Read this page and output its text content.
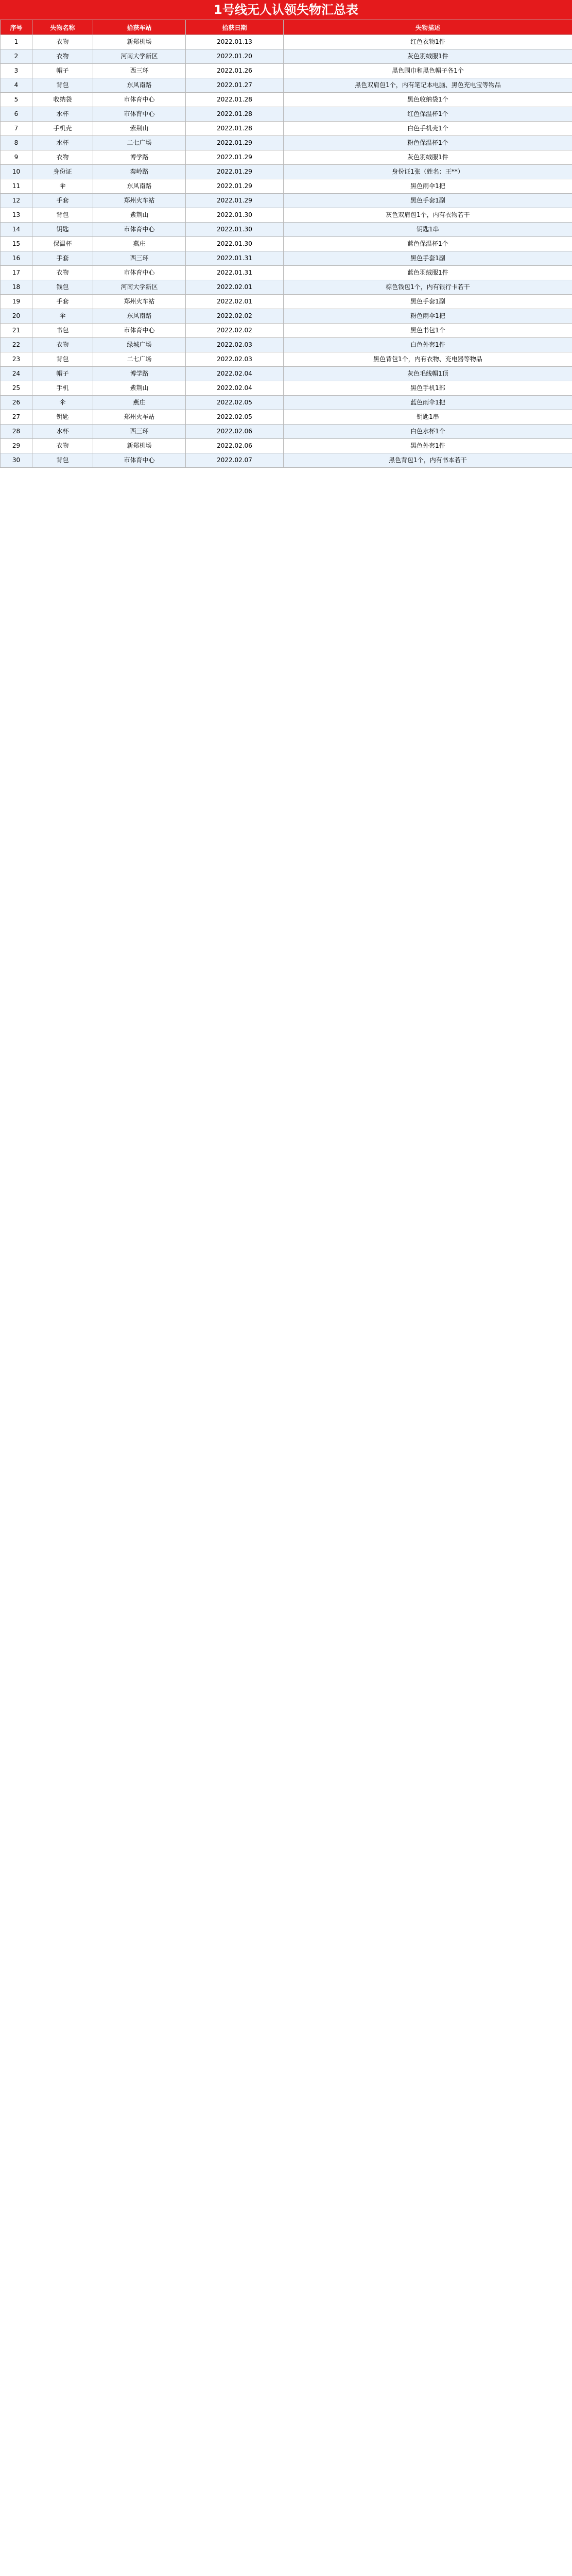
1号线无人认领失物汇总表
序号	失物名称	拾获车站	拾获日期	失物描述
1	衣物	新郑机场	2022.01.13	红色衣物1件
2	衣物	河南大学新区	2022.01.20	灰色羽绒服1件
3	帽子	西三环	2022.01.26	黑色围巾和黑色帽子各1个
4	背包	东风南路	2022.01.27	黑色双肩包1个，内有笔记本电脑、黑色充电宝等物品
5	收纳袋	市体育中心	2022.01.28	黑色收纳袋1个
6	水杯	市体育中心	2022.01.28	红色保温杯1个
7	手机壳	紫荆山	2022.01.28	白色手机壳1个
8	水杯	二七广场	2022.01.29	粉色保温杯1个
9	衣物	博学路	2022.01.29	灰色羽绒服1件
10	身份证	秦岭路	2022.01.29	身份证1张（姓名：王**）
11	伞	东风南路	2022.01.29	黑色雨伞1把
12	手套	郑州火车站	2022.01.29	黑色手套1副
13	背包	紫荆山	2022.01.30	灰色双肩包1个，内有衣物若干
14	钥匙	市体育中心	2022.01.30	钥匙1串
15	保温杯	燕庄	2022.01.30	蓝色保温杯1个
16	手套	西三环	2022.01.31	黑色手套1副
17	衣物	市体育中心	2022.01.31	蓝色羽绒服1件
18	钱包	河南大学新区	2022.02.01	棕色钱包1个，内有银行卡若干
19	手套	郑州火车站	2022.02.01	黑色手套1副
20	伞	东风南路	2022.02.02	粉色雨伞1把
21	书包	市体育中心	2022.02.02	黑色书包1个
22	衣物	绿城广场	2022.02.03	白色外套1件
23	背包	二七广场	2022.02.03	黑色背包1个，内有衣物、充电器等物品
24	帽子	博学路	2022.02.04	灰色毛线帽1顶
25	手机	紫荆山	2022.02.04	黑色手机1部
26	伞	燕庄	2022.02.05	蓝色雨伞1把
27	钥匙	郑州火车站	2022.02.05	钥匙1串
28	水杯	西三环	2022.02.06	白色水杯1个
29	衣物	新郑机场	2022.02.06	黑色外套1件
30	背包	市体育中心	2022.02.07	黑色背包1个，内有书本若干
